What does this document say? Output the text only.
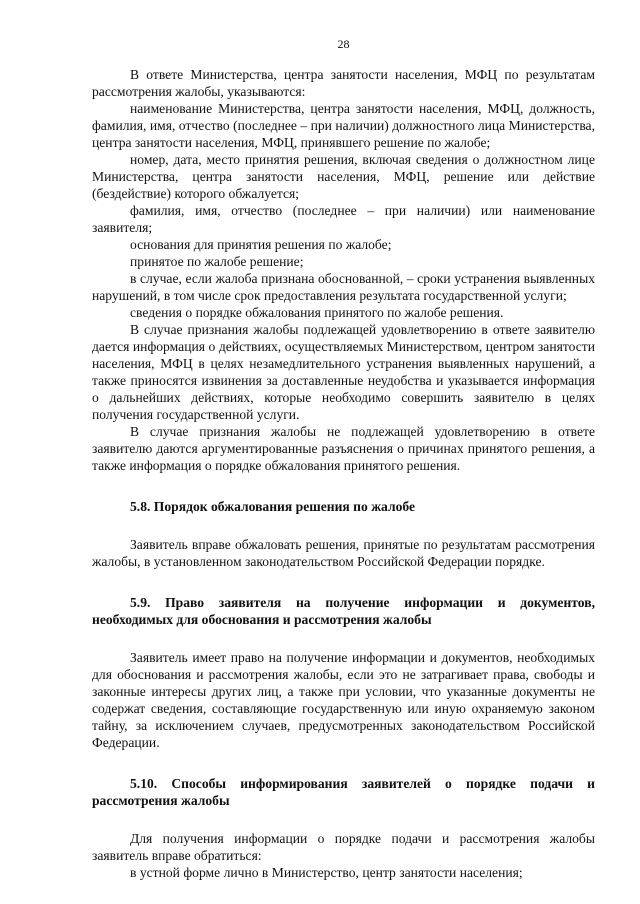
28

В ответе Министерства, центра занятости населения, МФЦ по результатам рассмотрения жалобы, указываются:

наименование Министерства, центра занятости населения, МФЦ, должность, фамилия, имя, отчество (последнее – при наличии) должностного лица Министерства, центра занятости населения, МФЦ, принявшего решение по жалобе;

номер, дата, место принятия решения, включая сведения о должностном лице Министерства, центра занятости населения, МФЦ, решение или действие (бездействие) которого обжалуется;

фамилия, имя, отчество (последнее – при наличии) или наименование заявителя;

основания для принятия решения по жалобе;

принятое по жалобе решение;

в случае, если жалоба признана обоснованной, – сроки устранения выявленных нарушений, в том числе срок предоставления результата государственной услуги;

сведения о порядке обжалования принятого по жалобе решения.

В случае признания жалобы подлежащей удовлетворению в ответе заявителю дается информация о действиях, осуществляемых Министерством, центром занятости населения, МФЦ в целях незамедлительного устранения выявленных нарушений, а также приносятся извинения за доставленные неудобства и указывается информация о дальнейших действиях, которые необходимо совершить заявителю в целях получения государственной услуги.

В случае признания жалобы не подлежащей удовлетворению в ответе заявителю даются аргументированные разъяснения о причинах принятого решения, а также информация о порядке обжалования принятого решения.

5.8. Порядок обжалования решения по жалобе

Заявитель вправе обжаловать решения, принятые по результатам рассмотрения жалобы, в установленном законодательством Российской Федерации порядке.

5.9. Право заявителя на получение информации и документов, необходимых для обоснования и рассмотрения жалобы

Заявитель имеет право на получение информации и документов, необходимых для обоснования и рассмотрения жалобы, если это не затрагивает права, свободы и законные интересы других лиц, а также при условии, что указанные документы не содержат сведения, составляющие государственную или иную охраняемую законом тайну, за исключением случаев, предусмотренных законодательством Российской Федерации.

5.10. Способы информирования заявителей о порядке подачи и рассмотрения жалобы

Для получения информации о порядке подачи и рассмотрения жалобы заявитель вправе обратиться:

в устной форме лично в Министерство, центр занятости населения;
